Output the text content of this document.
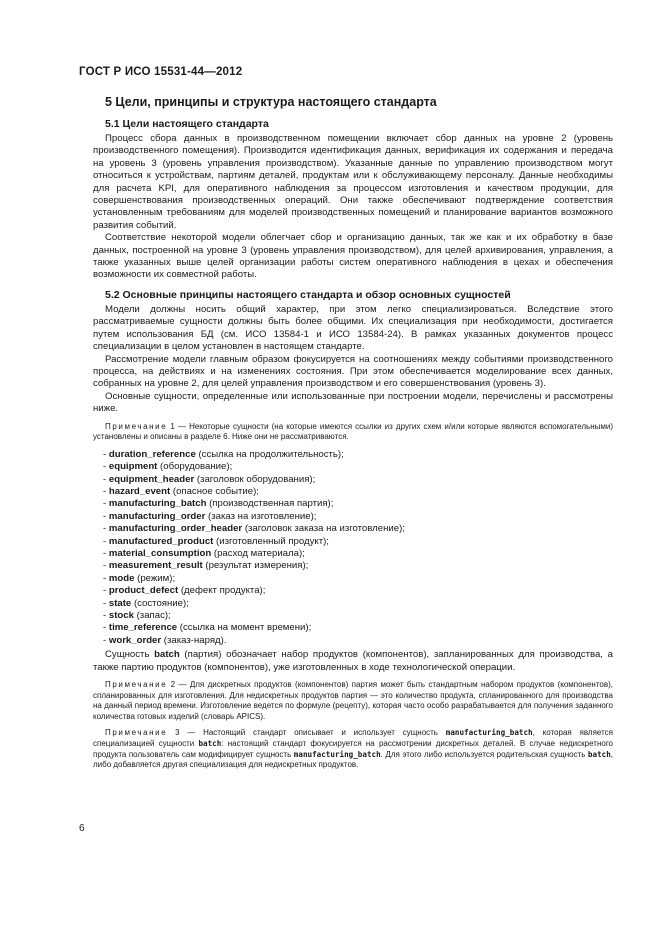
ГОСТ Р ИСО 15531-44—2012
5 Цели, принципы и структура настоящего стандарта
5.1 Цели настоящего стандарта

Процесс сбора данных в производственном помещении включает сбор данных на уровне 2 (уровень производственного помещения). Производится идентификация данных, верификация их содержания и передача на уровень 3 (уровень управления производством). Указанные данные по управлению производством могут относиться к устройствам, партиям деталей, продуктам или к обслуживающему персоналу. Данные необходимы для расчета KPI, для оперативного наблюдения за процессом изготовления и качеством продукции, для совершенствования производственных операций. Они также обеспечивают подтверждение соответствия установленным требованиям для моделей производственных помещений и планирование вариантов возможного развития событий.

Соответствие некоторой модели облегчает сбор и организацию данных, так же как и их обработку в базе данных, построенной на уровне 3 (уровень управления производством), для целей архивирования, управления, а также указанных выше целей организации работы систем оперативного наблюдения в цехах и обеспечения возможности их совместной работы.

5.2 Основные принципы настоящего стандарта и обзор основных сущностей

Модели должны носить общий характер, при этом легко специализироваться. Вследствие этого рассматриваемые сущности должны быть более общими. Их специализация при необходимости, достигается путем использования БД (см. ИСО 13584-1 и ИСО 13584-24). В рамках указанных документов процесс специализации в целом установлен в настоящем стандарте.

Рассмотрение модели главным образом фокусируется на соотношениях между событиями производственного процесса, на действиях и на изменениях состояния. При этом обеспечивается моделирование всех данных, собранных на уровне 2, для целей управления производством и его совершенствования (уровень 3).

Основные сущности, определенные или использованные при построении модели, перечислены и рассмотрены ниже.

Примечание 1 — Некоторые сущности (на которые имеются ссылки из других схем и/или которые являются вспомогательными) установлены и описаны в разделе 6. Ниже они не рассматриваются.

- duration_reference (ссылка на продолжительность);
- equipment (оборудование);
- equipment_header (заголовок оборудования);
- hazard_event (опасное событие);
- manufacturing_batch (производственная партия);
- manufacturing_order (заказ на изготовление);
- manufacturing_order_header (заголовок заказа на изготовление);
- manufactured_product (изготовленный продукт);
- material_consumption (расход материала);
- measurement_result (результат измерения);
- mode (режим);
- product_defect (дефект продукта);
- state (состояние);
- stock (запас);
- time_reference (ссылка на момент времени);
- work_order (заказ-наряд).

Сущность batch (партия) обозначает набор продуктов (компонентов), запланированных для производства, а также партию продуктов (компонентов), уже изготовленных в ходе технологической операции.

Примечание 2 — Для дискретных продуктов (компонентов) партия может быть стандартным набором продуктов (компонентов), спланированных для изготовления. Для недискретных продуктов партия — это количество продукта, спланированного для производства на данный период времени. Изготовление ведется по формуле (рецепту), которая часто особо разрабатывается для получения заданного количества готовых изделий (словарь APICS).

Примечание 3 — Настоящий стандарт описывает и использует сущность manufacturing_batch, которая является специализацией сущности batch: настоящий стандарт фокусируется на рассмотрении дискретных деталей. В случае недискретного продукта пользователь сам модифицирует сущность manufacturing_batch. Для этого либо используется родительская сущность batch, либо добавляется другая специализация для недискретных продуктов.

6
